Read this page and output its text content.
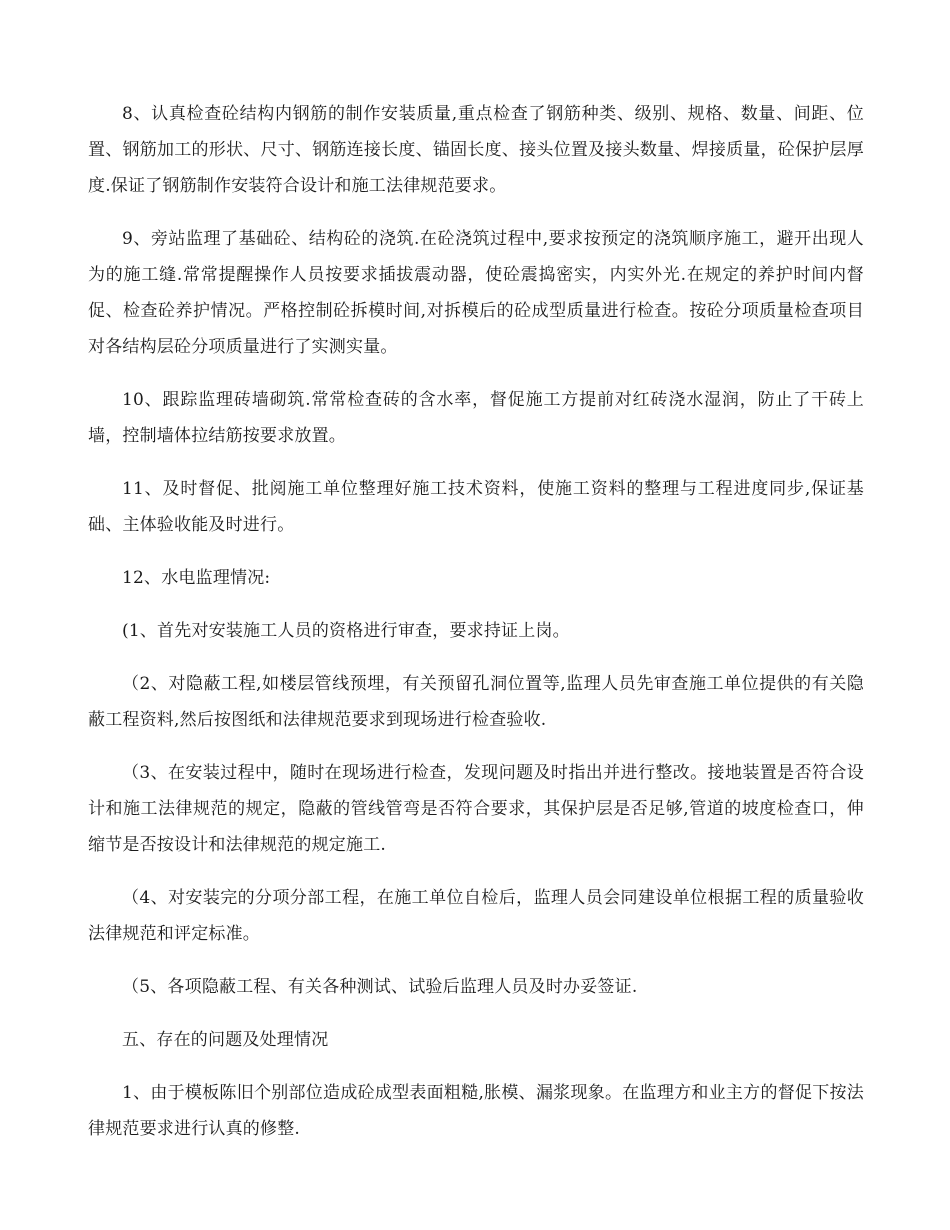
8、认真检查砼结构内钢筋的制作安装质量,重点检查了钢筋种类、级别、规格、数量、间距、位置、钢筋加工的形状、尺寸、钢筋连接长度、锚固长度、接头位置及接头数量、焊接质量，砼保护层厚度.保证了钢筋制作安装符合设计和施工法律规范要求。

9、旁站监理了基础砼、结构砼的浇筑.在砼浇筑过程中,要求按预定的浇筑顺序施工，避开出现人为的施工缝.常常提醒操作人员按要求插拔震动器，使砼震捣密实，内实外光.在规定的养护时间内督促、检查砼养护情况。严格控制砼拆模时间,对拆模后的砼成型质量进行检查。按砼分项质量检查项目对各结构层砼分项质量进行了实测实量。

10、跟踪监理砖墙砌筑.常常检查砖的含水率，督促施工方提前对红砖浇水湿润，防止了干砖上墙，控制墙体拉结筋按要求放置。

11、及时督促、批阅施工单位整理好施工技术资料，使施工资料的整理与工程进度同步,保证基础、主体验收能及时进行。

12、水电监理情况:

(1、首先对安装施工人员的资格进行审查，要求持证上岗。

（2、对隐蔽工程,如楼层管线预埋，有关预留孔洞位置等,监理人员先审查施工单位提供的有关隐蔽工程资料,然后按图纸和法律规范要求到现场进行检查验收.

（3、在安装过程中，随时在现场进行检查，发现问题及时指出并进行整改。接地装置是否符合设计和施工法律规范的规定，隐蔽的管线管弯是否符合要求，其保护层是否足够,管道的坡度检查口，伸缩节是否按设计和法律规范的规定施工.

（4、对安装完的分项分部工程，在施工单位自检后，监理人员会同建设单位根据工程的质量验收法律规范和评定标准。

（5、各项隐蔽工程、有关各种测试、试验后监理人员及时办妥签证.

五、存在的问题及处理情况

1、由于模板陈旧个别部位造成砼成型表面粗糙,胀模、漏浆现象。在监理方和业主方的督促下按法律规范要求进行认真的修整.
